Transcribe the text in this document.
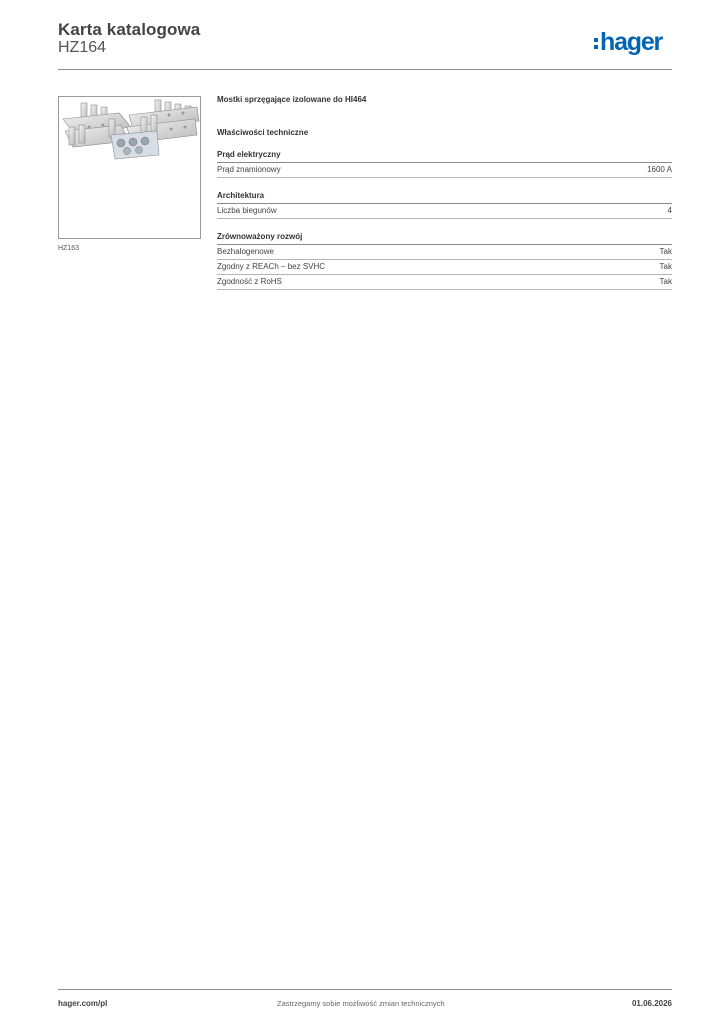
Karta katalogowa
HZ164	hager
HZ163
Mostki sprzęgające izolowane do HI464
Właściwości techniczne
Prąd elektryczny
Prąd znamionowy	1600 A
Architektura
Liczba biegunów	4
Zrównoważony rozwój
Bezhalogenowe	Tak
Zgodny z REACh – bez SVHC	Tak
Zgodność z RoHS	Tak
hager.com/pl	Zastrzegamy sobie możliwość zmian technicznych	01.06.2026
